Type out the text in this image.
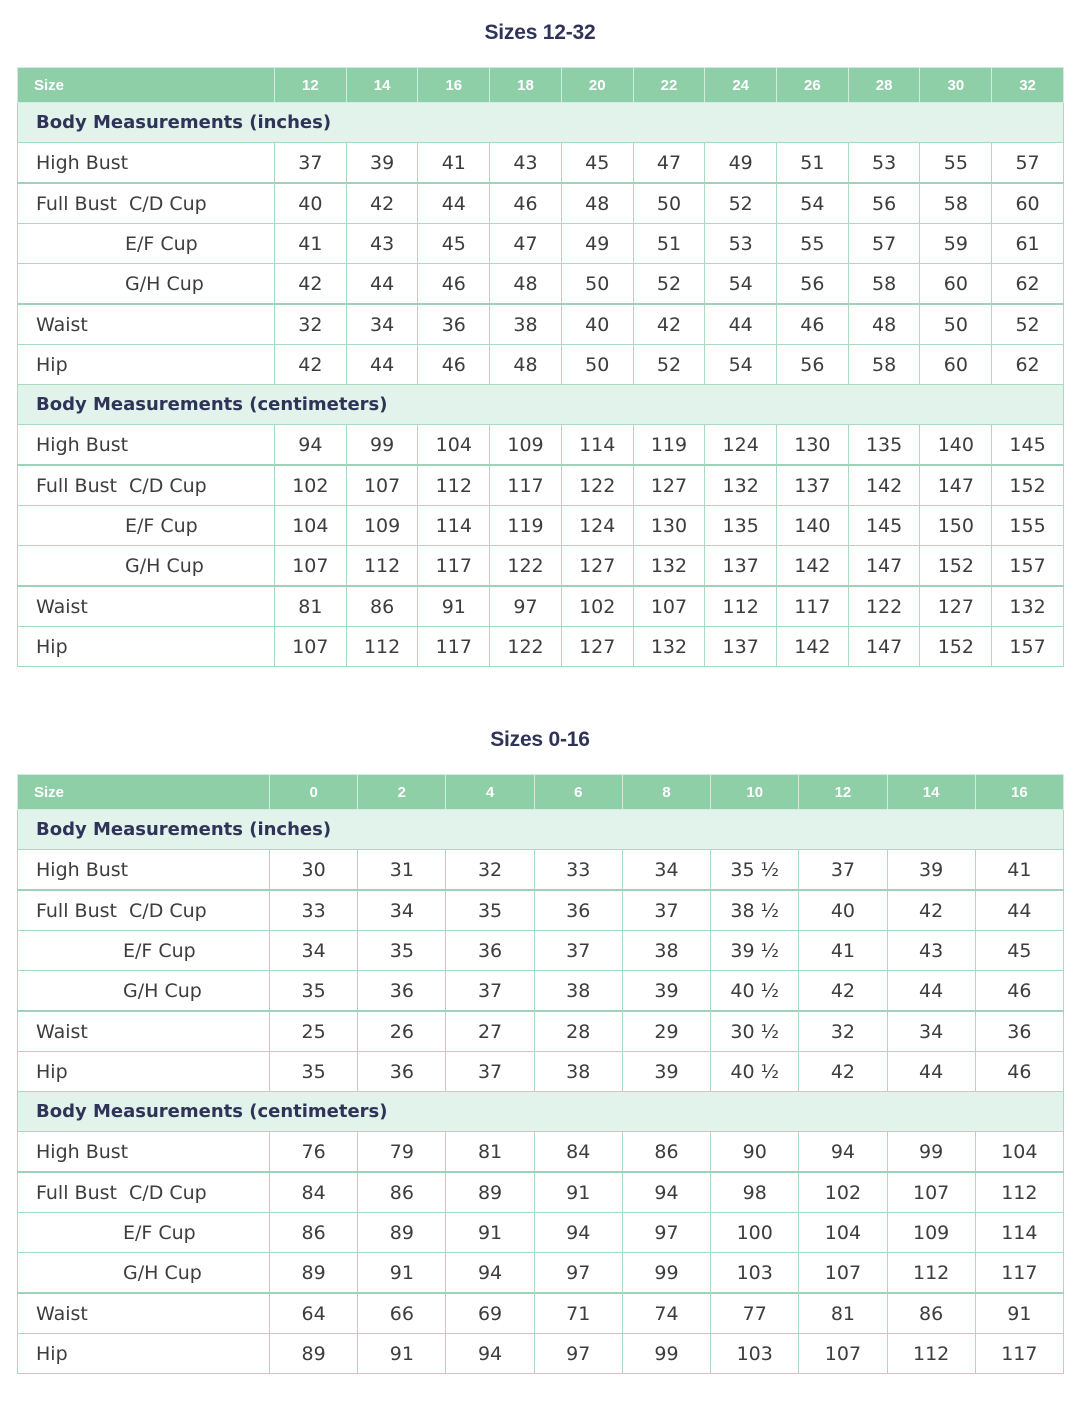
Sizes 12-32
Size	12	14	16	18	20	22	24	26	28	30	32
Body Measurements (inches)											
High Bust	37	39	41	43	45	47	49	51	53	55	57
Full Bust  C/D Cup	40	42	44	46	48	50	52	54	56	58	60
E/F Cup	41	43	45	47	49	51	53	55	57	59	61
G/H Cup	42	44	46	48	50	52	54	56	58	60	62
Waist	32	34	36	38	40	42	44	46	48	50	52
Hip	42	44	46	48	50	52	54	56	58	60	62
Body Measurements (centimeters)											
High Bust	94	99	104	109	114	119	124	130	135	140	145
Full Bust  C/D Cup	102	107	112	117	122	127	132	137	142	147	152
E/F Cup	104	109	114	119	124	130	135	140	145	150	155
G/H Cup	107	112	117	122	127	132	137	142	147	152	157
Waist	81	86	91	97	102	107	112	117	122	127	132
Hip	107	112	117	122	127	132	137	142	147	152	157
Sizes 0-16
Size	0	2	4	6	8	10	12	14	16
Body Measurements (inches)									
High Bust	30	31	32	33	34	35 ½	37	39	41
Full Bust  C/D Cup	33	34	35	36	37	38 ½	40	42	44
E/F Cup	34	35	36	37	38	39 ½	41	43	45
G/H Cup	35	36	37	38	39	40 ½	42	44	46
Waist	25	26	27	28	29	30 ½	32	34	36
Hip	35	36	37	38	39	40 ½	42	44	46
Body Measurements (centimeters)									
High Bust	76	79	81	84	86	90	94	99	104
Full Bust  C/D Cup	84	86	89	91	94	98	102	107	112
E/F Cup	86	89	91	94	97	100	104	109	114
G/H Cup	89	91	94	97	99	103	107	112	117
Waist	64	66	69	71	74	77	81	86	91
Hip	89	91	94	97	99	103	107	112	117
